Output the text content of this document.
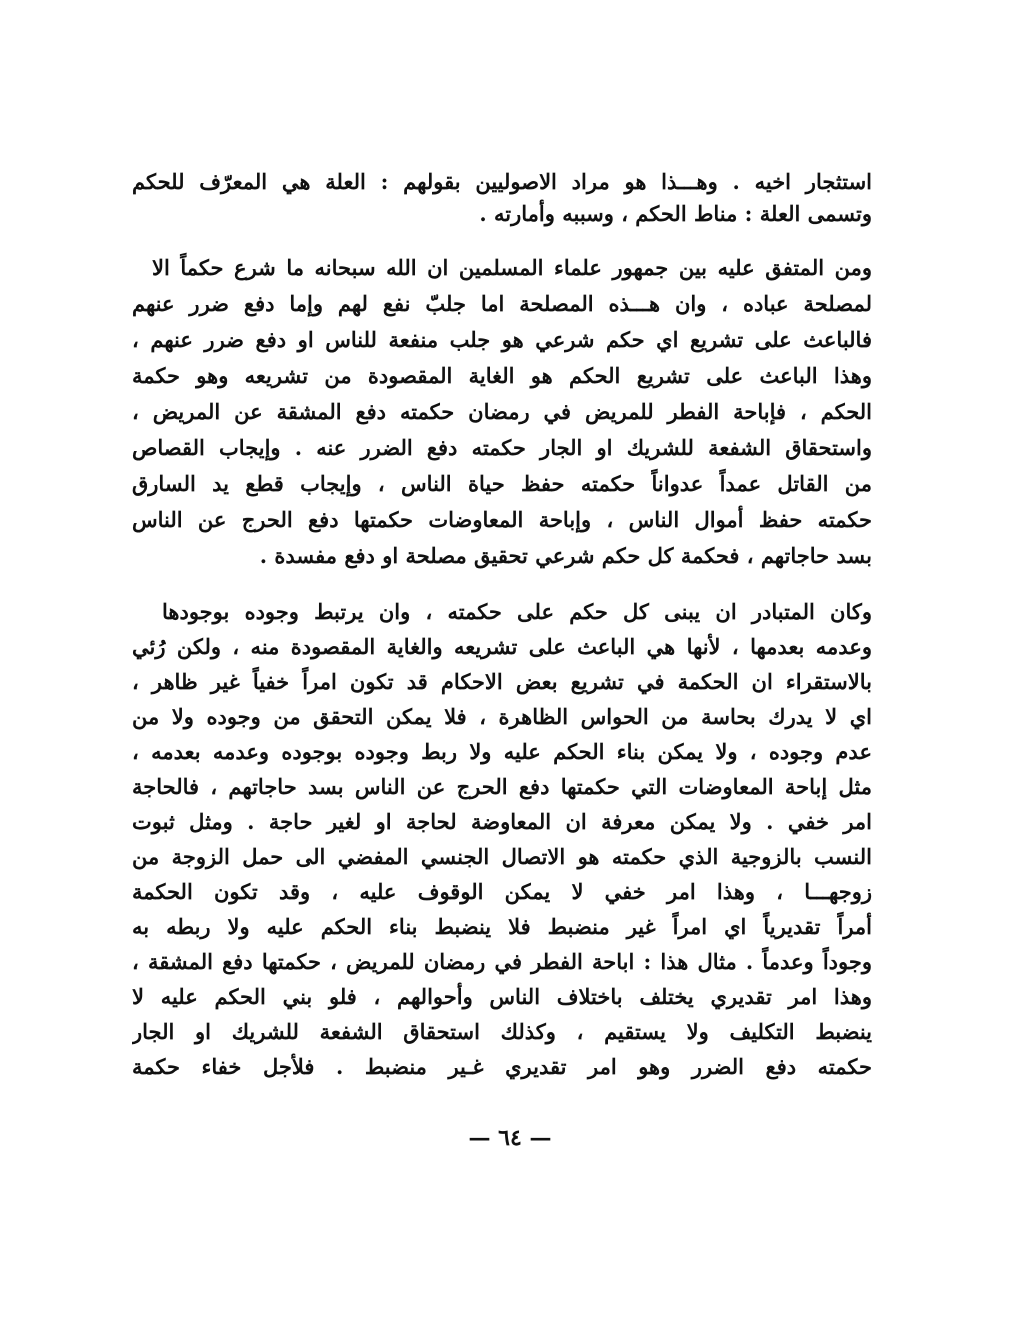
استثجار اخيه . وهـــذا هو مراد الاصوليين بقولهم : العلة هي المعرّف للحكم
وتسمى العلة : مناط الحكم ، وسببه وأمارته .
ومن المتفق عليه بين جمهور علماء المسلمين ان الله سبحانه ما شرع حكماً الا
لمصلحة عباده ، وان هـــذه المصلحة اما جلبّ نفع لهم وإما دفع ضرر عنهم
فالباعث على تشريع اي حكم شرعي هو جلب منفعة للناس او دفع ضرر عنهم ،
وهذا الباعث على تشريع الحكم هو الغاية المقصودة من تشريعه وهو حكمة
الحكم ، فإباحة الفطر للمريض في رمضان حكمته دفع المشقة عن المريض ،
واستحقاق الشفعة للشريك او الجار حكمته دفع الضرر عنه . وإيجاب القصاص
من القاتل عمداً عدواناً حكمته حفظ حياة الناس ، وإيجاب قطع يد السارق
حكمته حفظ أموال الناس ، وإباحة المعاوضات حكمتها دفع الحرج عن الناس
بسد حاجاتهم ، فحكمة كل حكم شرعي تحقيق مصلحة او دفع مفسدة .
وكان المتبادر ان يبنى كل حكم على حكمته ، وان يرتبط وجوده بوجودها
وعدمه بعدمها ، لأنها هي الباعث على تشريعه والغاية المقصودة منه ، ولكن رُئي
بالاستقراء ان الحكمة في تشريع بعض الاحكام قد تكون امراً خفياً غير ظاهر ،
اي لا يدرك بحاسة من الحواس الظاهرة ، فلا يمكن التحقق من وجوده ولا من
عدم وجوده ، ولا يمكن بناء الحكم عليه ولا ربط وجوده بوجوده وعدمه بعدمه ،
مثل إباحة المعاوضات التي حكمتها دفع الحرج عن الناس بسد حاجاتهم ، فالحاجة
امر خفي . ولا يمكن معرفة ان المعاوضة لحاجة او لغير حاجة . ومثل ثبوت
النسب بالزوجية الذي حكمته هو الاتصال الجنسي المفضي الى حمل الزوجة من
زوجهـــا ، وهذا امر خفي لا يمكن الوقوف عليه ، وقد تكون الحكمة
أمراً تقديرياً اي امراً غير منضبط فلا ينضبط بناء الحكم عليه ولا ربطه به
وجوداً وعدماً . مثال هذا : اباحة الفطر في رمضان للمريض ، حكمتها دفع المشقة ،
وهذا امر تقديري يختلف باختلاف الناس وأحوالهم ، فلو بني الحكم عليه لا
ينضبط التكليف ولا يستقيم ، وكذلك استحقاق الشفعة للشريك او الجار
حكمته دفع الضرر وهو امر تقديري غـير منضبط . فلأجل خفاء حكمة
— ٦٤ —
